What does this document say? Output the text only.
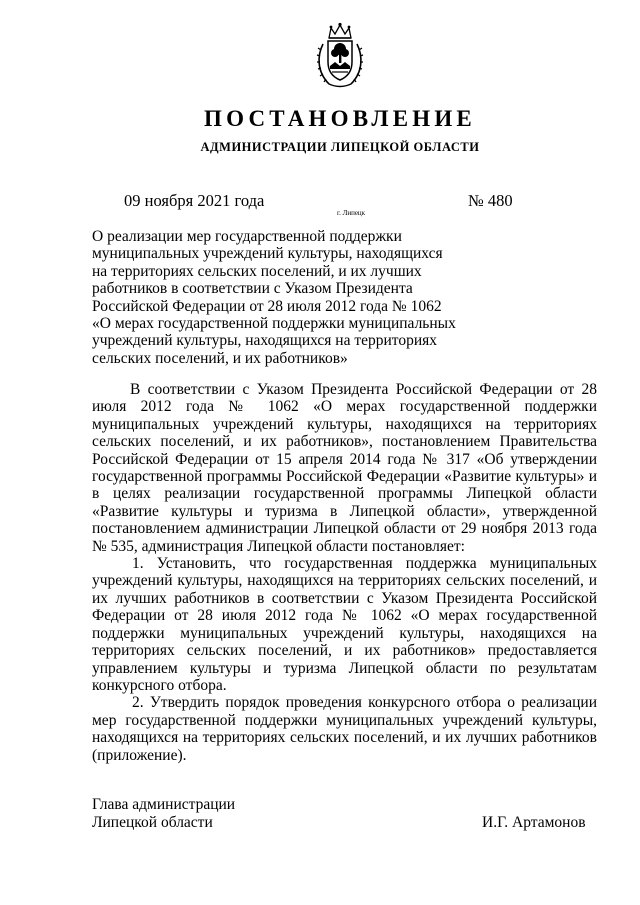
ПОСТАНОВЛЕНИЕ
АДМИНИСТРАЦИИ ЛИПЕЦКОЙ ОБЛАСТИ
09 ноября 2021 года
г. Липецк
№ 480
О реализации мер государственной поддержки
муниципальных учреждений культуры, находящихся
на территориях сельских поселений, и их лучших
работников в соответствии с Указом Президента
Российской Федерации от 28 июля 2012 года № 1062
«О мерах государственной поддержки муниципальных
учреждений культуры, находящихся на территориях
сельских поселений, и их работников»

В соответствии с Указом Президента Российской Федерации от 28 июля 2012 года № 1062 «О мерах государственной поддержки муниципальных учреждений культуры, находящихся на территориях сельских поселений, и их работников», постановлением Правительства Российской Федерации от 15 апреля 2014 года № 317 «Об утверждении государственной программы Российской Федерации «Развитие культуры» и в целях реализации государственной программы Липецкой области «Развитие культуры и туризма в Липецкой области», утвержденной постановлением администрации Липецкой области от 29 ноября 2013 года № 535, администрация Липецкой области постановляет:

1. Установить, что государственная поддержка муниципальных учреждений культуры, находящихся на территориях сельских поселений, и их лучших работников в соответствии с Указом Президента Российской Федерации от 28 июля 2012 года № 1062 «О мерах государственной поддержки муниципальных учреждений культуры, находящихся на территориях сельских поселений, и их работников» предоставляется управлением культуры и туризма Липецкой области по результатам конкурсного отбора.

2. Утвердить порядок проведения конкурсного отбора о реализации мер государственной поддержки муниципальных учреждений культуры, находящихся на территориях сельских поселений, и их лучших работников (приложение).

Глава администрации
Липецкой области	И.Г. Артамонов
